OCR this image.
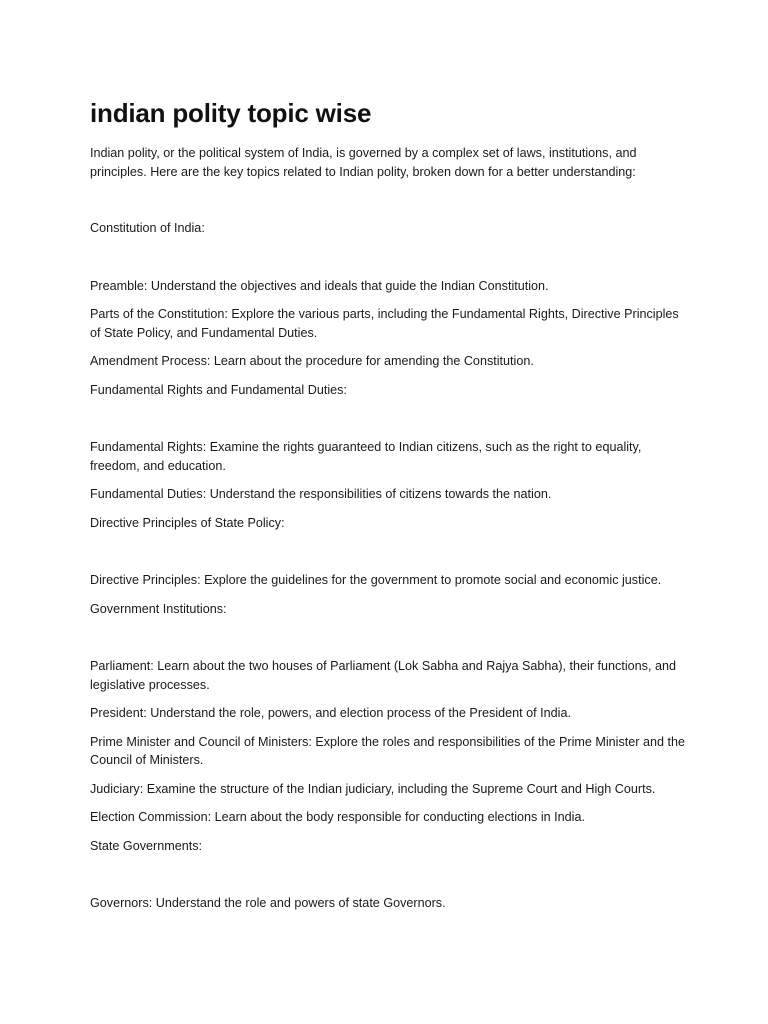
indian polity topic wise

Indian polity, or the political system of India, is governed by a complex set of laws, institutions, and principles. Here are the key topics related to Indian polity, broken down for a better understanding:

Constitution of India:

Preamble: Understand the objectives and ideals that guide the Indian Constitution.

Parts of the Constitution: Explore the various parts, including the Fundamental Rights, Directive Principles of State Policy, and Fundamental Duties.

Amendment Process: Learn about the procedure for amending the Constitution.

Fundamental Rights and Fundamental Duties:

Fundamental Rights: Examine the rights guaranteed to Indian citizens, such as the right to equality, freedom, and education.

Fundamental Duties: Understand the responsibilities of citizens towards the nation.

Directive Principles of State Policy:

Directive Principles: Explore the guidelines for the government to promote social and economic justice.

Government Institutions:

Parliament: Learn about the two houses of Parliament (Lok Sabha and Rajya Sabha), their functions, and legislative processes.

President: Understand the role, powers, and election process of the President of India.

Prime Minister and Council of Ministers: Explore the roles and responsibilities of the Prime Minister and the Council of Ministers.

Judiciary: Examine the structure of the Indian judiciary, including the Supreme Court and High Courts.

Election Commission: Learn about the body responsible for conducting elections in India.

State Governments:

Governors: Understand the role and powers of state Governors.
